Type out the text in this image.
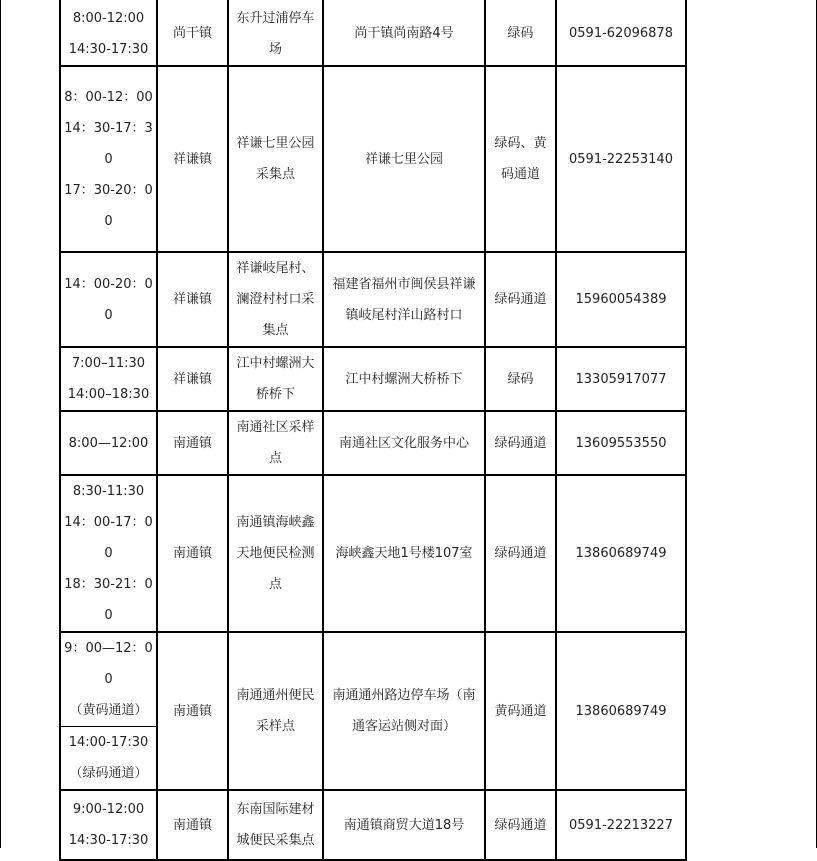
8:00-12:00
14:30-17:30	尚干镇	东升过浦停车场	尚干镇尚南路4号	绿码	0591-62096878

8：00-12：00
14：30-17：30
17：30-20：00	祥谦镇	祥谦七里公园采集点	祥谦七里公园	绿码、黄码通道	0591-22253140

14：00-20：00	祥谦镇	祥谦岐尾村、澜澄村村口采集点	福建省福州市闽侯县祥谦镇岐尾村洋山路村口	绿码通道	15960054389

7:00–11:30
14:00–18:30	祥谦镇	江中村螺洲大桥桥下	江中村螺洲大桥桥下	绿码	13305917077

8:00—12:00	南通镇	南通社区采样点	南通社区文化服务中心	绿码通道	13609553550

8:30-11:30
14：00-17：00
18：30-21：00	南通镇	南通镇海峡鑫天地便民检测点	海峡鑫天地1号楼107室	绿码通道	13860689749

9：00—12：00
（黄码通道）
14:00-17:30
（绿码通道）	南通镇	南通通州便民采样点	南通通州路边停车场（南通客运站侧对面）	黄码通道	13860689749

9:00-12:00
14:30-17:30	南通镇	东南国际建材城便民采集点	南通镇商贸大道18号	绿码通道	0591-22213227
